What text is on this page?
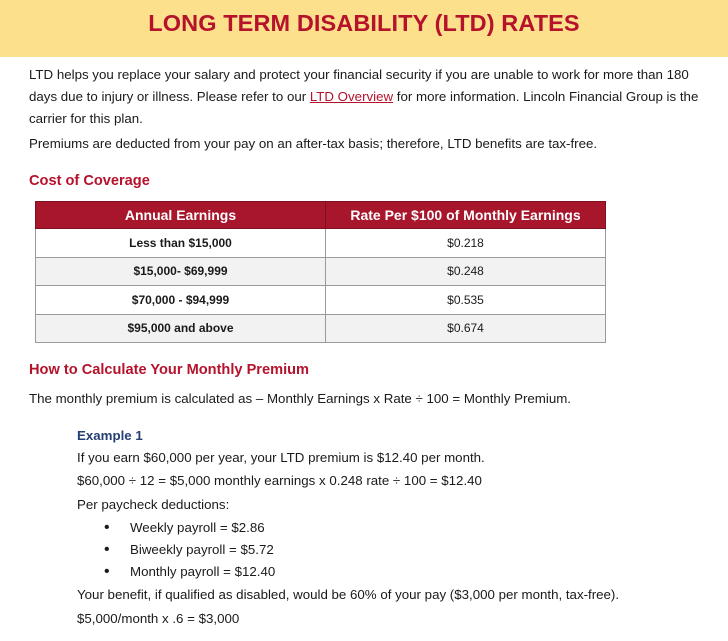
LONG TERM DISABILITY (LTD) RATES

LTD helps you replace your salary and protect your financial security if you are unable to work for more than 180 days due to injury or illness. Please refer to our LTD Overview for more information. Lincoln Financial Group is the carrier for this plan.

Premiums are deducted from your pay on an after-tax basis; therefore, LTD benefits are tax-free.

Cost of Coverage
Annual Earnings	Rate Per $100 of Monthly Earnings
Less than $15,000	$0.218
$15,000- $69,999	$0.248
$70,000 - $94,999	$0.535
$95,000 and above	$0.674
How to Calculate Your Monthly Premium

The monthly premium is calculated as – Monthly Earnings x Rate ÷ 100 = Monthly Premium.

Example 1
If you earn $60,000 per year, your LTD premium is $12.40 per month.
$60,000 ÷ 12 = $5,000 monthly earnings x 0.248 rate ÷ 100 = $12.40
Per paycheck deductions:
•	Weekly payroll = $2.86
•	Biweekly payroll = $5.72
•	Monthly payroll = $12.40
Your benefit, if qualified as disabled, would be 60% of your pay ($3,000 per month, tax-free).
$5,000/month x .6 = $3,000
